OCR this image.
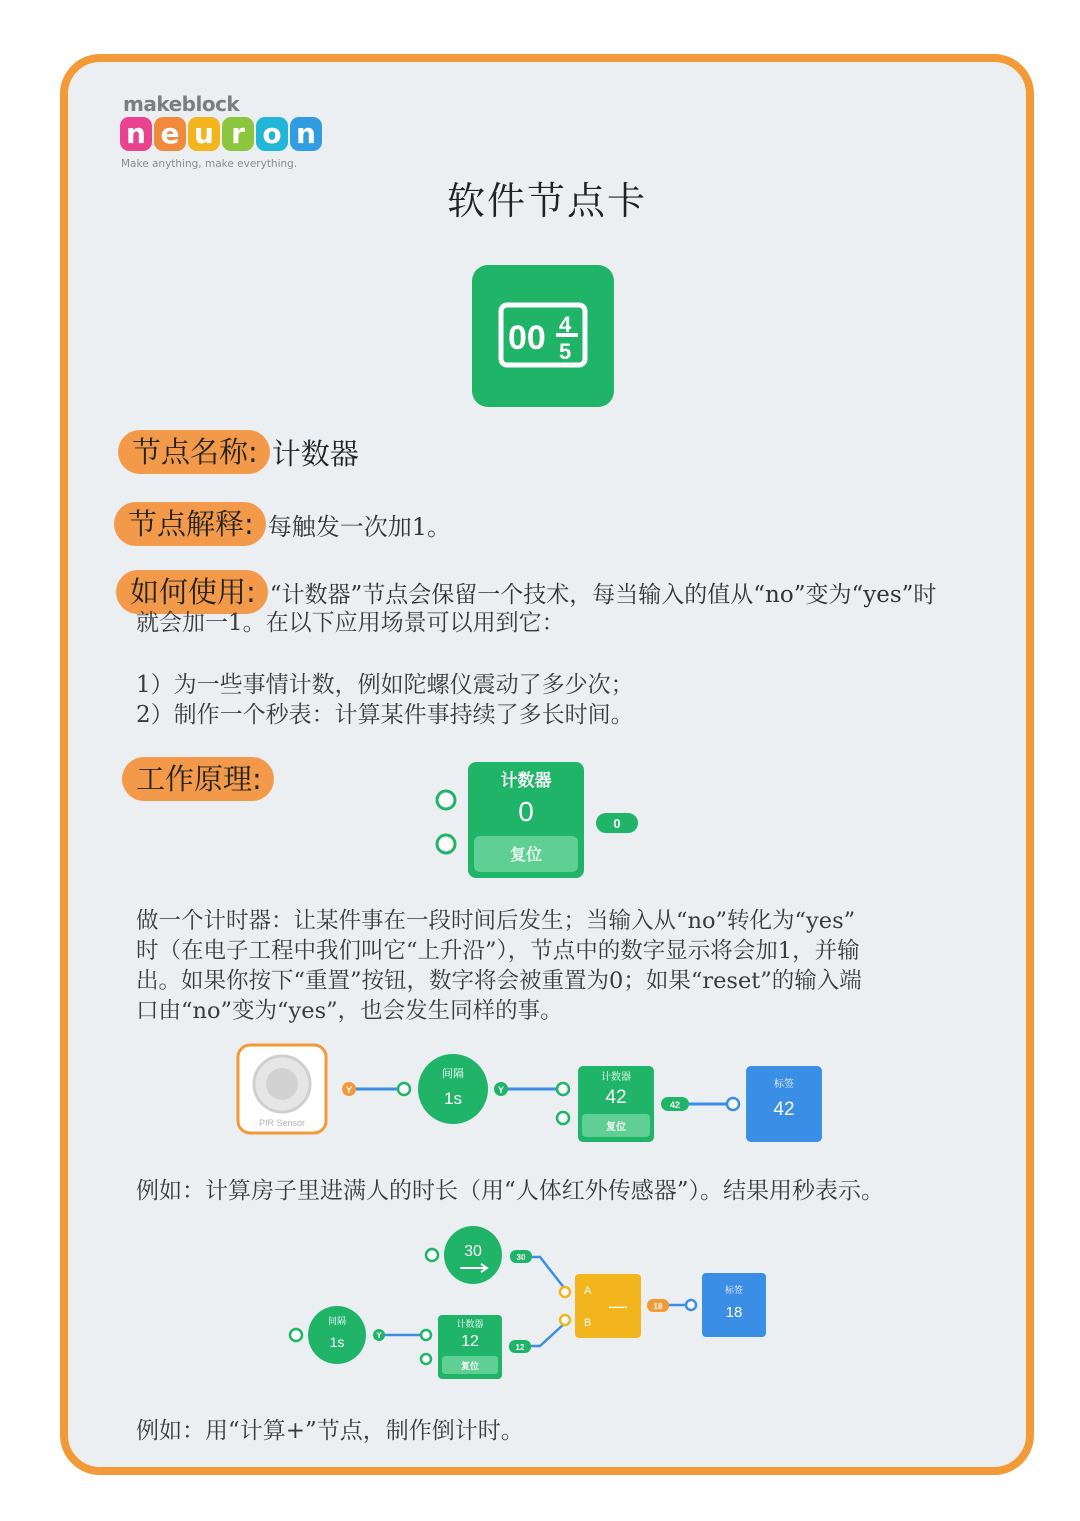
makeblock
n e u r o n
Make anything, make everything.
软件节点卡
00 4
5
节点名称: 计数器
节点解释: 每触发一次加1。
如何使用: “计数器”节点会保留一个技术，每当输入的值从“no”变为“yes”时
就会加一1。在以下应用场景可以用到它：
1）为一些事情计数，例如陀螺仪震动了多少次；
2）制作一个秒表：计算某件事持续了多长时间。
工作原理:	计数器
0
复位
0
做一个计时器：让某件事在一段时间后发生；当输入从“no”转化为“yes”
时（在电子工程中我们叫它“上升沿”），节点中的数字显示将会加1，并输
出。如果你按下“重置”按钮，数字将会被重置为0；如果“reset”的输入端
口由“no”变为“yes”，也会发生同样的事。
PIR Sensor
Y
间隔
1s	Y
计数器
42
复位
42
标签
42
例如：计算房子里进满人的时长（用“人体红外传感器”）。结果用秒表示。
30	30
间隔
1s	Y
计数器
12
复位
12
A
B
—	18
标签
18
例如：用“计算+”节点，制作倒计时。
